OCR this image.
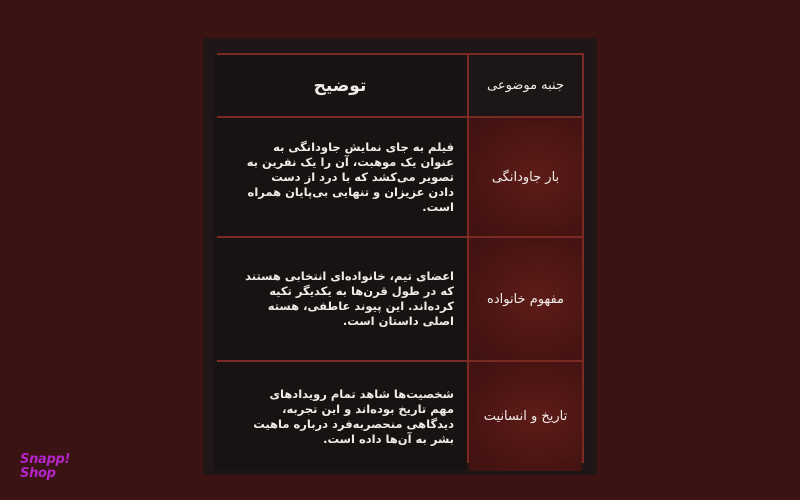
جنبه موضوعی
توضیح
بار جاودانگی
فیلم به جای نمایش جاودانگی به عنوان یک موهبت، آن را یک نفرین به تصویر می‌کشد که با درد از دست دادن عزیزان و تنهایی بی‌پایان همراه است.
مفهوم خانواده
اعضای تیم، خانواده‌ای انتخابی هستند که در طول قرن‌ها به یکدیگر تکیه کرده‌اند. این پیوند عاطفی، هسته اصلی داستان است.
تاریخ و انسانیت
شخصیت‌ها شاهد تمام رویدادهای مهم تاریخ بوده‌اند و این تجربه، دیدگاهی منحصربه‌فرد درباره ماهیت بشر به آن‌ها داده است.
Snapp!
Shop
